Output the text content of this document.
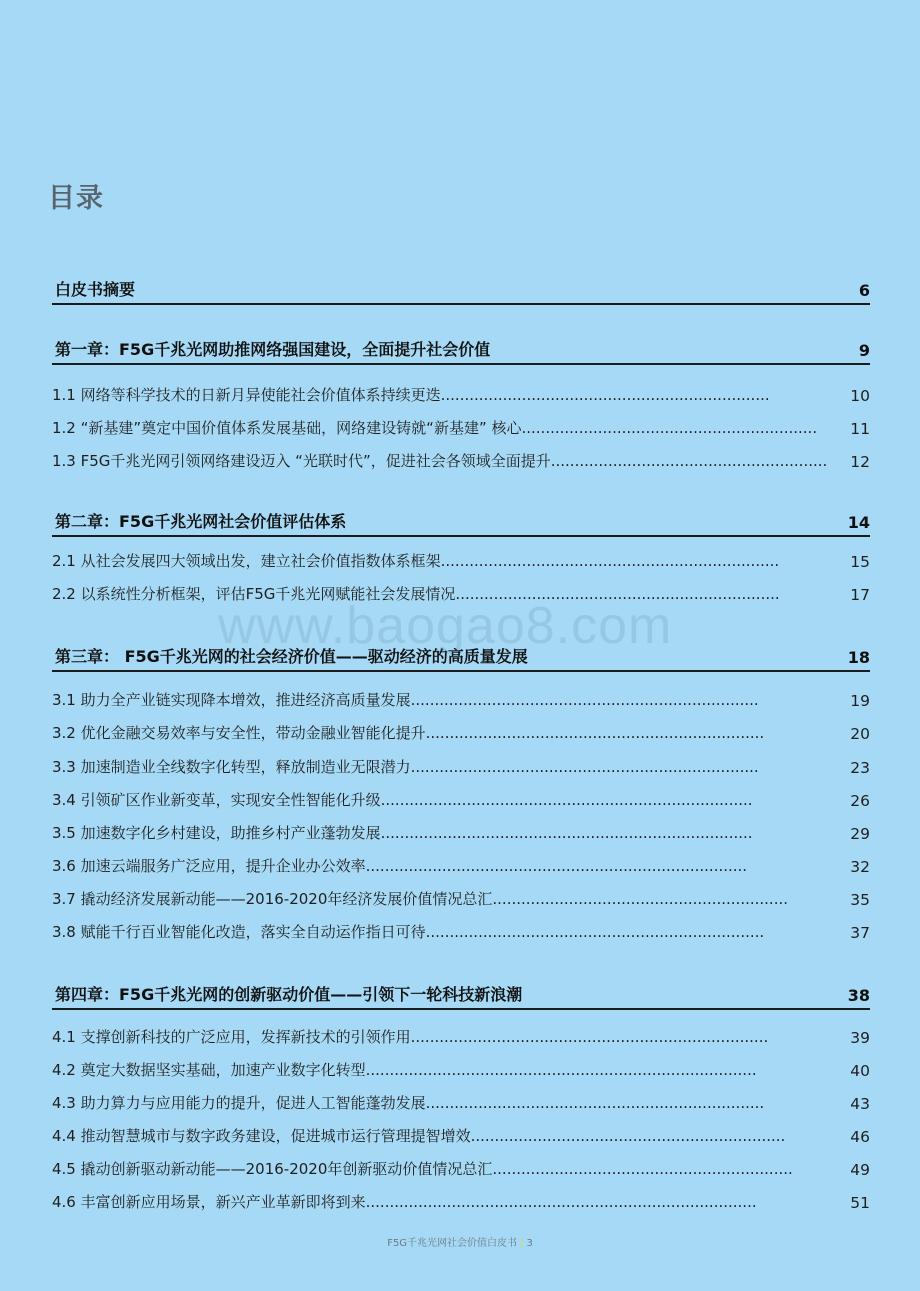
目录
白皮书摘要	6
第一章：F5G千兆光网助推网络强国建设，全面提升社会价值	9
1.1 网络等科学技术的日新月异使能社会价值体系持续更迭.....................................................................	10
1.2 “新基建”奠定中国价值体系发展基础，网络建设铸就“新基建” 核心.............................................................. 11
1.3 F5G千兆光网引领网络建设迈入 “光联时代”，促进社会各领域全面提升.......................................................... 12
第二章：F5G千兆光网社会价值评估体系	14
2.1 从社会发展四大领域出发，建立社会价值指数体系框架.......................................................................	15
2.2 以系统性分析框架，评估F5G千兆光网赋能社会发展情况....................................................................	17
第三章： F5G千兆光网的社会经济价值——驱动经济的高质量发展	18
3.1 助力全产业链实现降本增效，推进经济高质量发展.........................................................................	19
3.2 优化金融交易效率与安全性，带动金融业智能化提升.......................................................................	20
3.3 加速制造业全线数字化转型，释放制造业无限潜力.........................................................................	23
3.4 引领矿区作业新变革，实现安全性智能化升级..............................................................................	26
3.5 加速数字化乡村建设，助推乡村产业蓬勃发展..............................................................................	29
3.6 加速云端服务广泛应用，提升企业办公效率................................................................................	32
3.7 撬动经济发展新动能——2016-2020年经济发展价值情况总汇..............................................................	35
3.8 赋能千行百业智能化改造，落实全自动运作指日可待.......................................................................	37
第四章：F5G千兆光网的创新驱动价值——引领下一轮科技新浪潮	38
4.1 支撑创新科技的广泛应用，发挥新技术的引领作用...........................................................................	39
4.2 奠定大数据坚实基础，加速产业数字化转型..................................................................................	40
4.3 助力算力与应用能力的提升，促进人工智能蓬勃发展.......................................................................	43
4.4 推动智慧城市与数字政务建设，促进城市运行管理提智增效..................................................................	46
4.5 撬动创新驱动新动能——2016-2020年创新驱动价值情况总汇...............................................................	49
4.6 丰富创新应用场景，新兴产业革新即将到来..................................................................................	51
www.baogao8.com
F5G千兆光网社会价值白皮书 | 3
